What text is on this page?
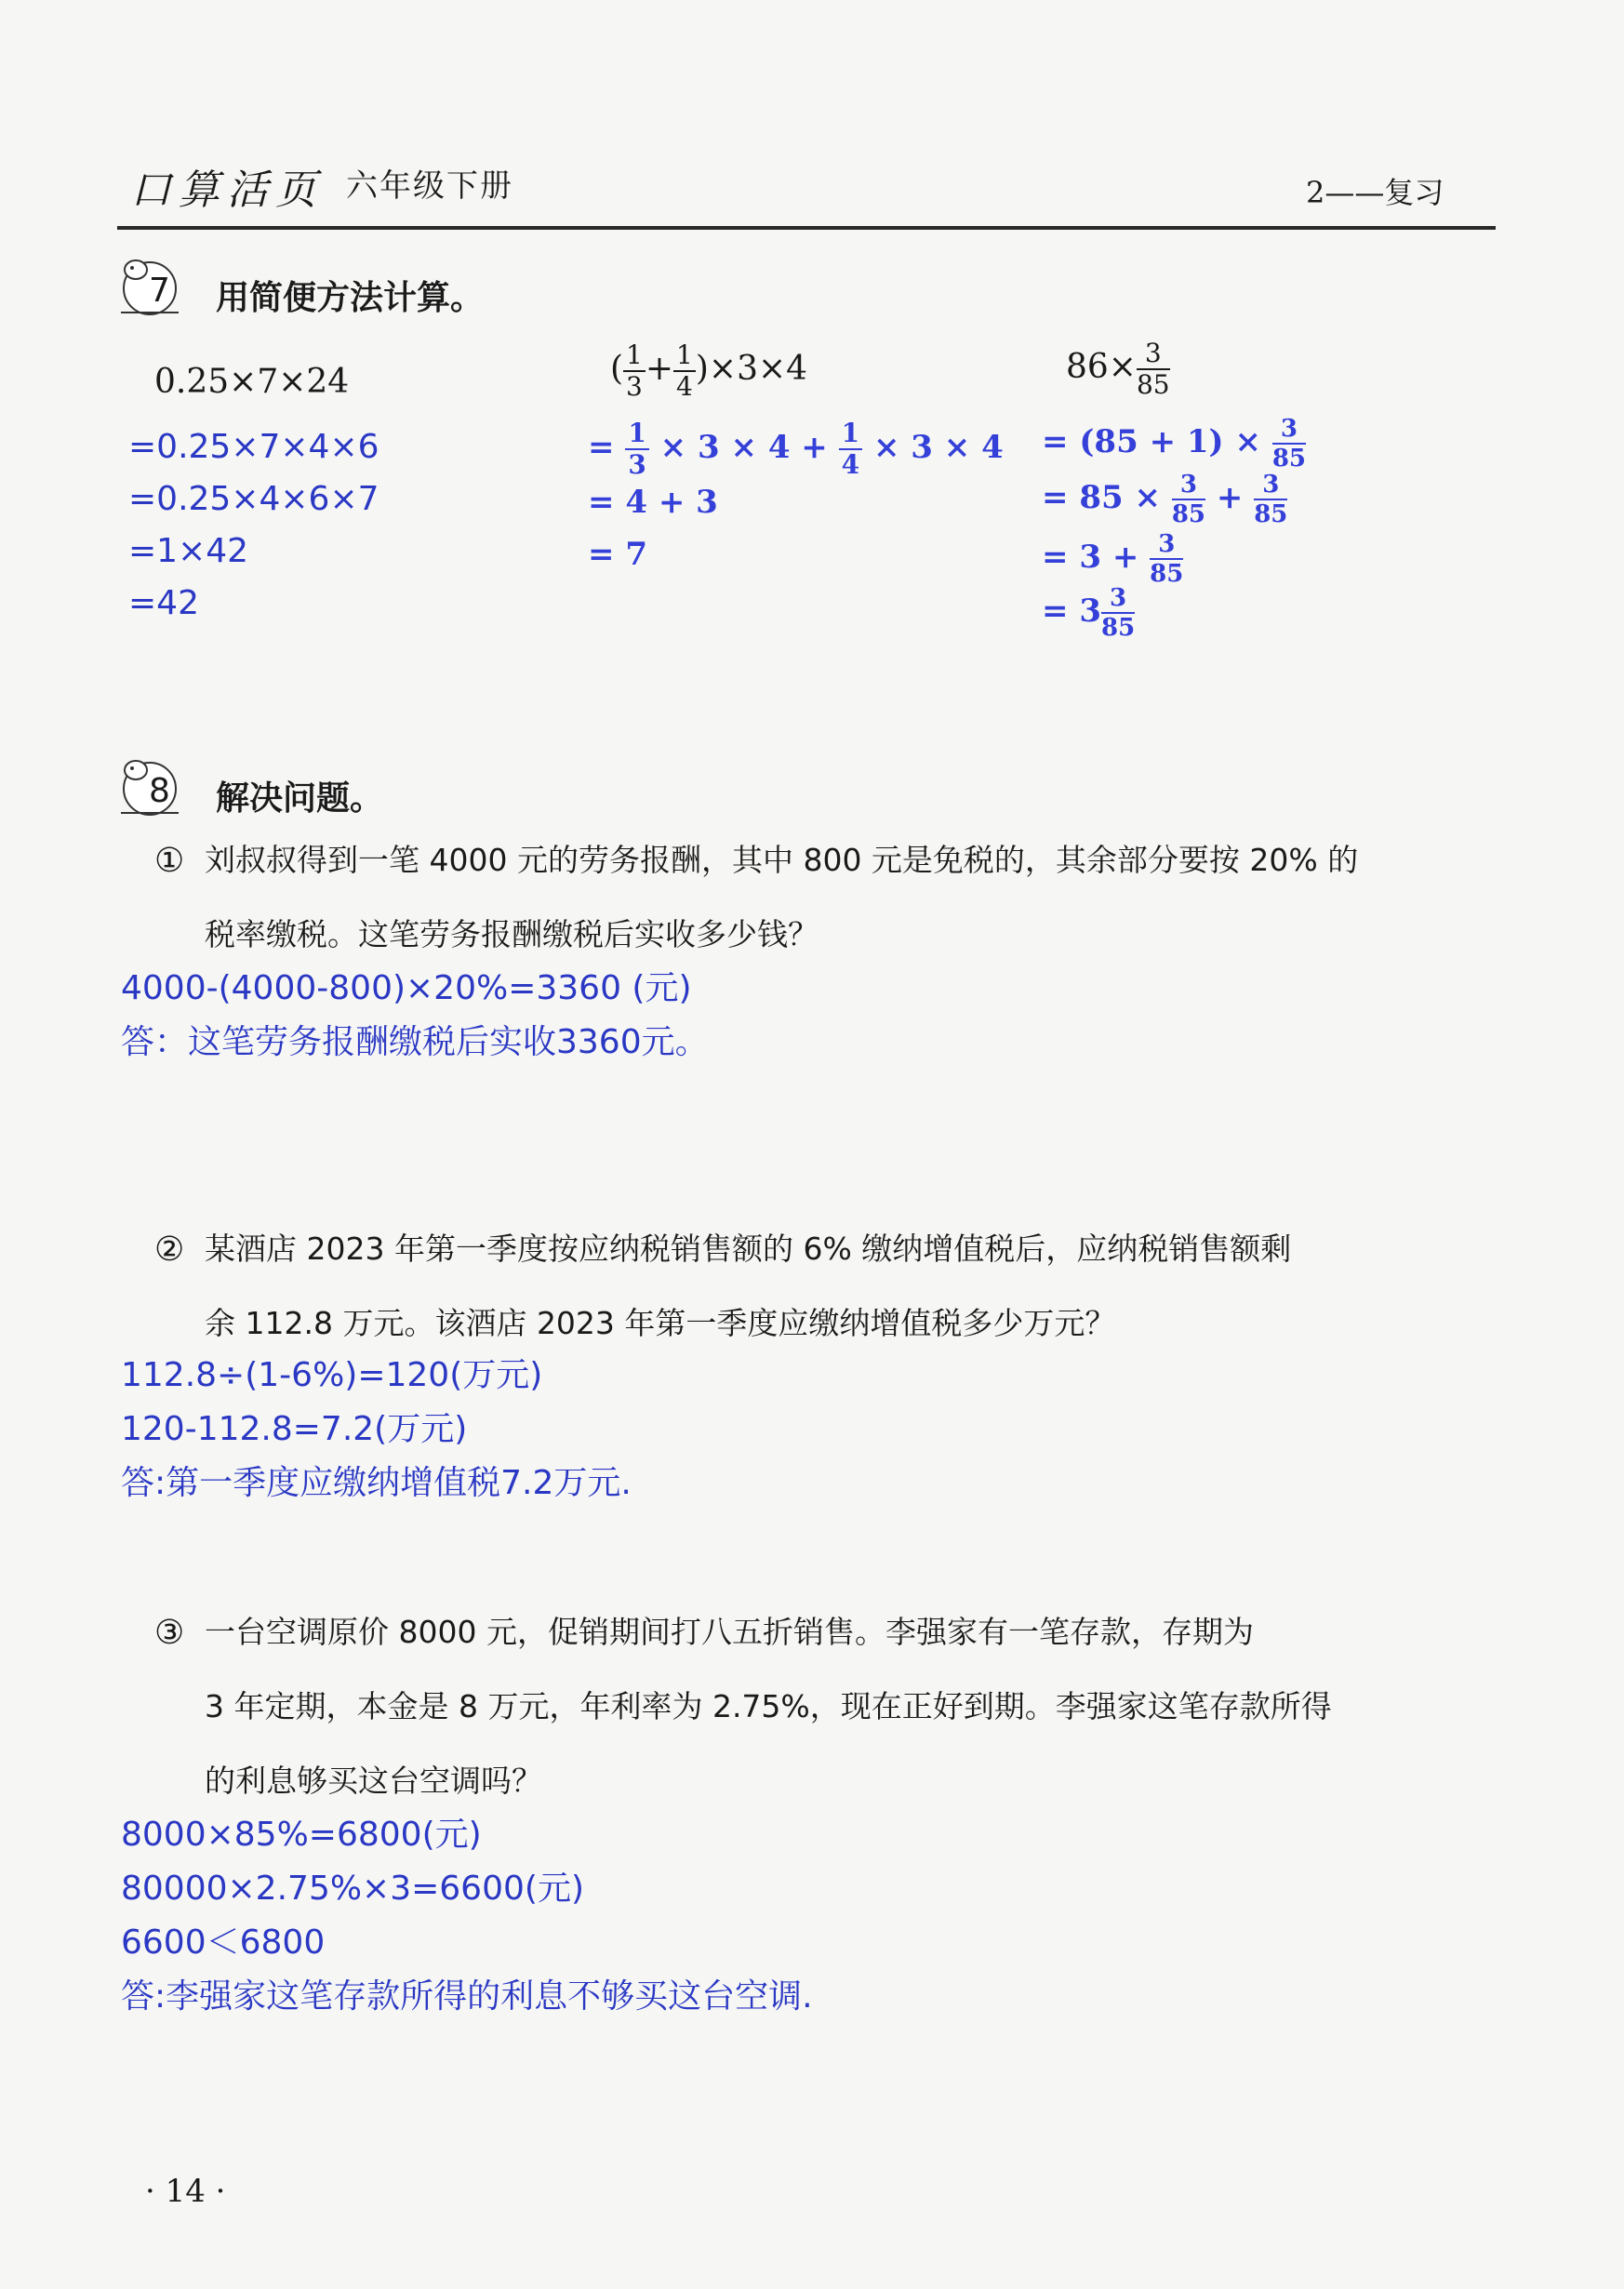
口算活页 六年级下册	2——复习
7 用简便方法计算。
0.25×7×24
=0.25×7×4×6
=0.25×4×6×7
=1×42
=42
( $\frac{1}{3} + \frac{1}{4} )\times 3\times 4$
= $\frac{1}{3} \times 3 \times 4 + \frac{1}{4} \times 3 \times 4$
= 4 + 3
= 7
$86\times \frac{3}{85}$
= $(85 + 1) \times \frac{3}{85}$
= $85 \times \frac{3}{85} + \frac{3}{85}$
= $3 + \frac{3}{85}$
= $3 \frac{3}{85}$
8 解决问题。
① 刘叔叔得到一笔 4000 元的劳务报酬，其中 800 元是免税的，其余部分要按 20% 的
税率缴税。这笔劳务报酬缴税后实收多少钱？
4000-(4000-800)×20%=3360 (元)
答：这笔劳务报酬缴税后实收3360元。
② 某酒店 2023 年第一季度按应纳税销售额的 6% 缴纳增值税后，应纳税销售额剩
余 112.8 万元。该酒店 2023 年第一季度应缴纳增值税多少万元？
112.8÷(1-6%)=120(万元)
120-112.8=7.2(万元)
答:第一季度应缴纳增值税7.2万元.
③ 一台空调原价 8000 元，促销期间打八五折销售。李强家有一笔存款，存期为
3 年定期，本金是 8 万元，年利率为 2.75%，现在正好到期。李强家这笔存款所得
的利息够买这台空调吗？
8000×85%=6800(元)
80000×2.75%×3=6600(元)
6600＜6800
答:李强家这笔存款所得的利息不够买这台空调.
· 14 ·
